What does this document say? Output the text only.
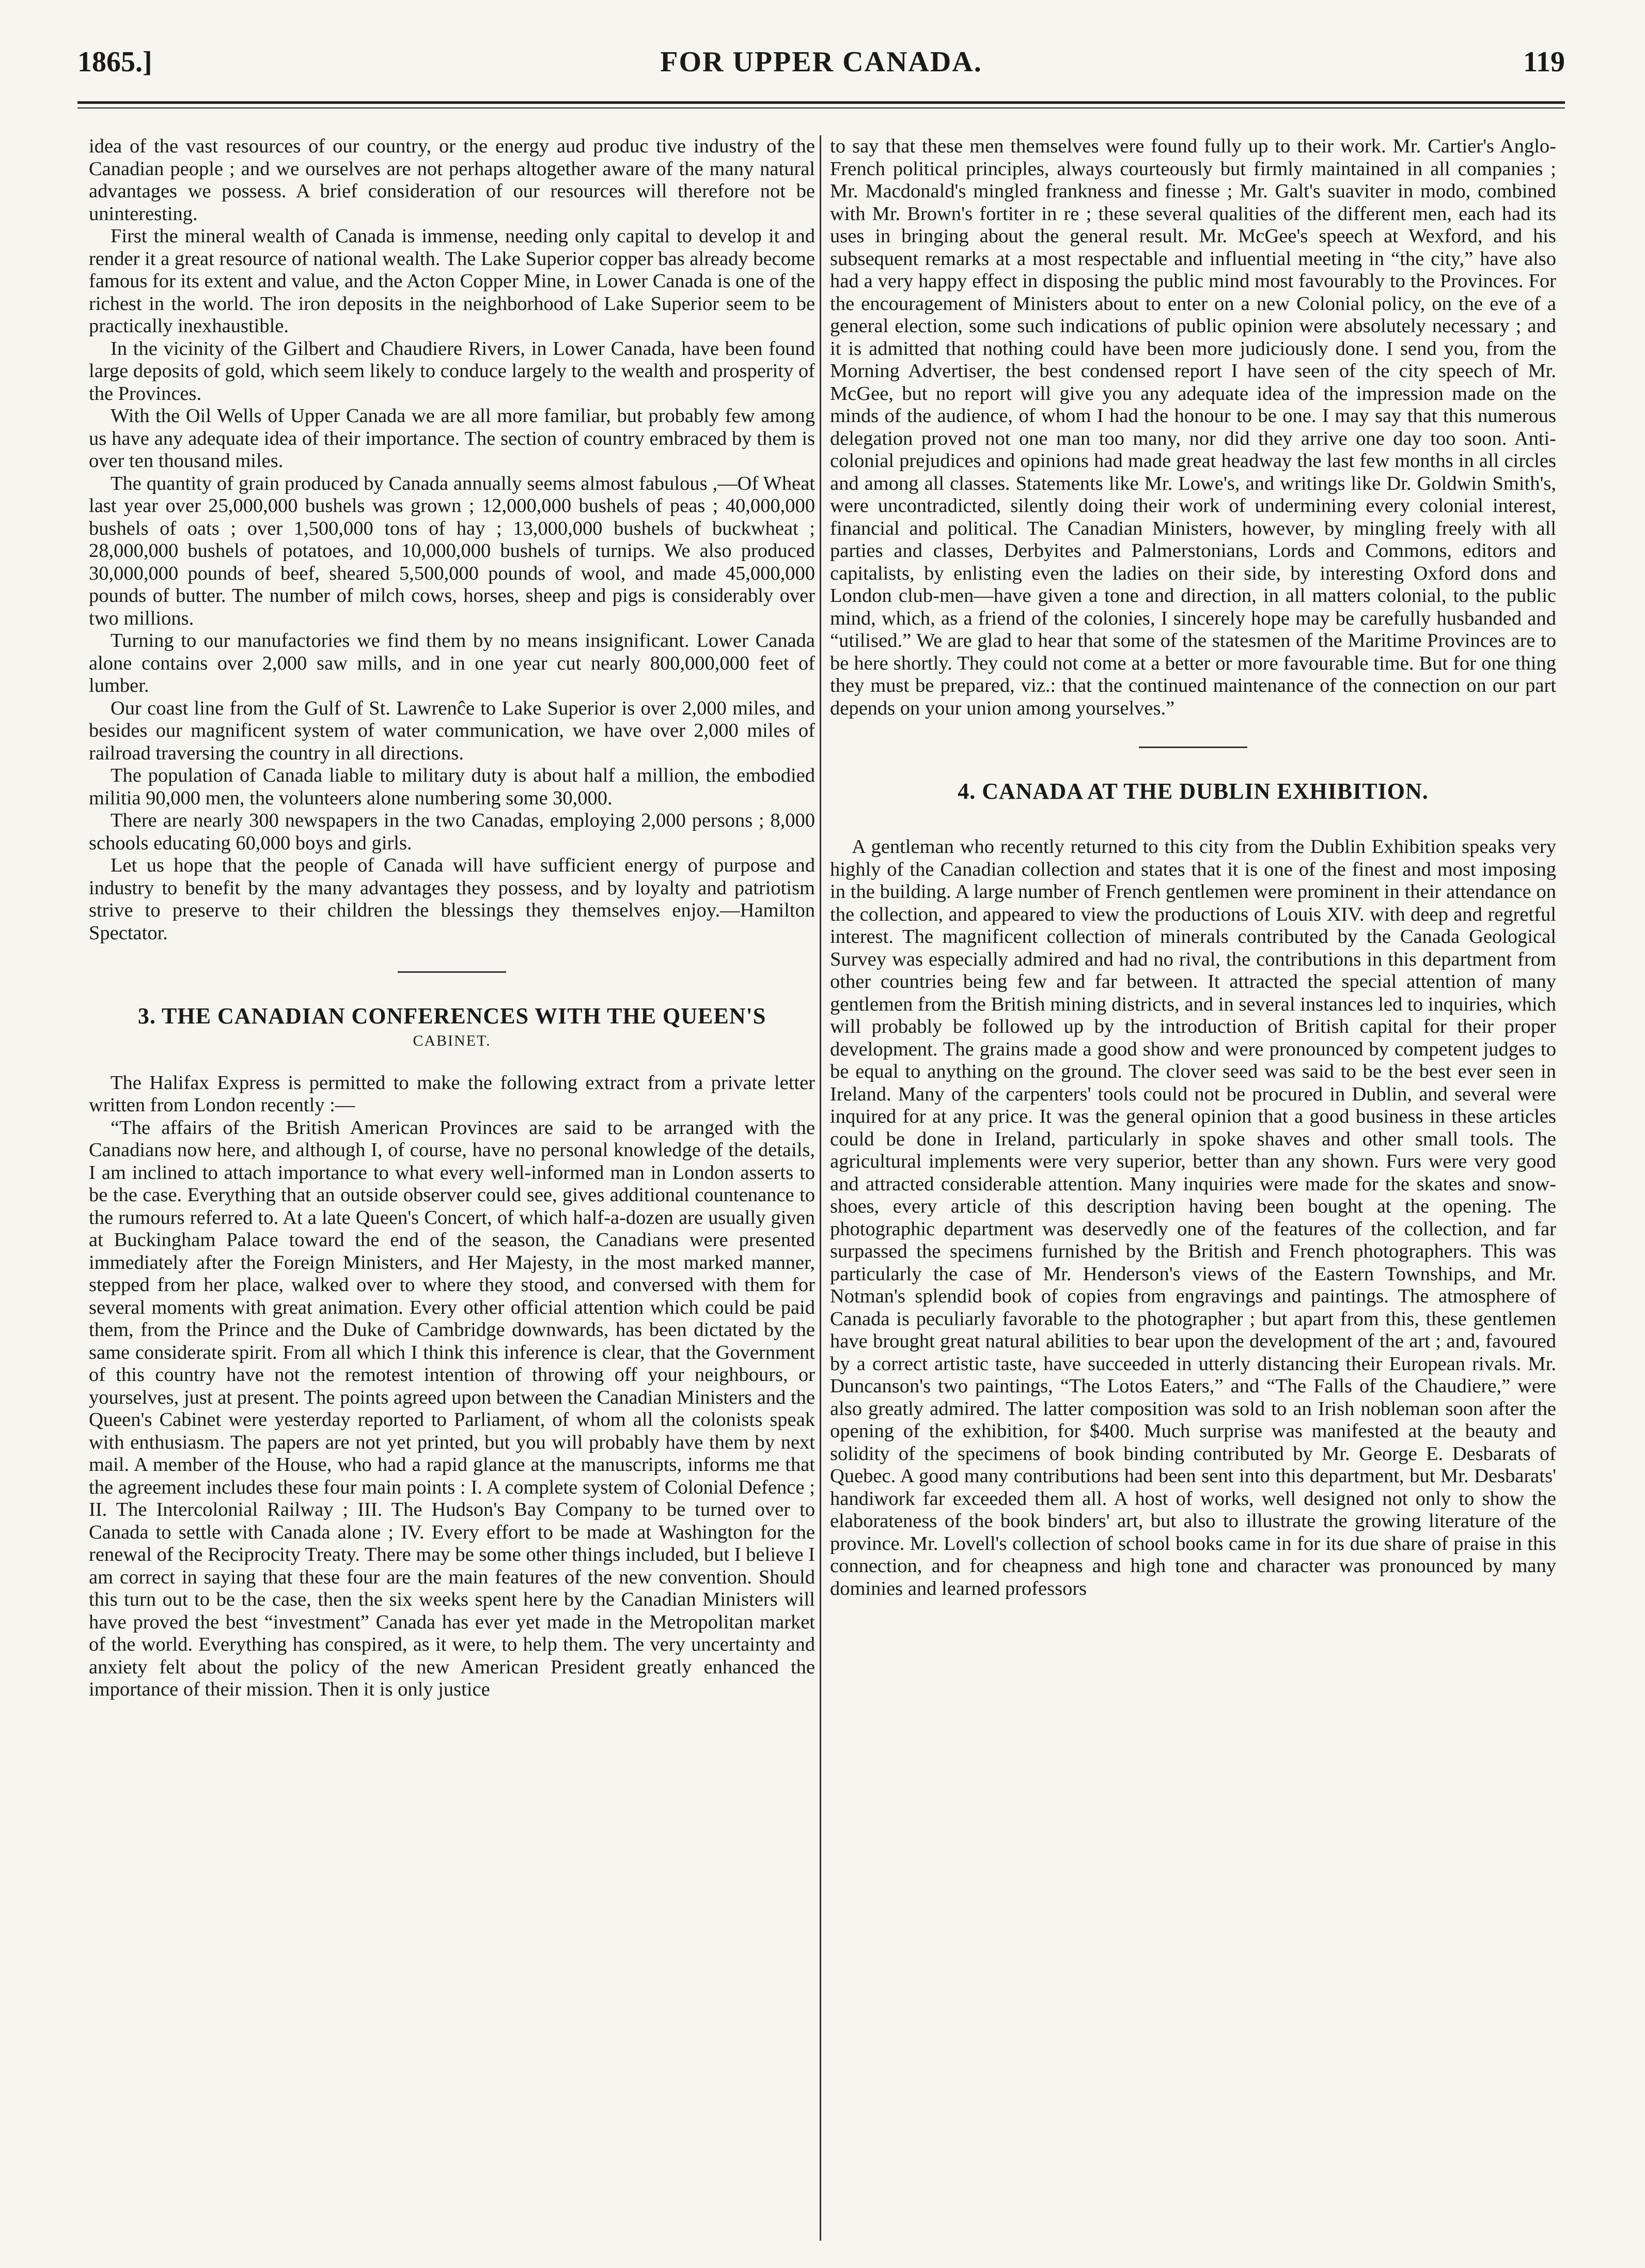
1865.]	FOR UPPER CANADA.	119

idea of the vast resources of our country, or the energy aud produc tive industry of the Canadian people ; and we ourselves are not perhaps altogether aware of the many natural advantages we possess. A brief consideration of our resources will therefore not be uninteresting.

First the mineral wealth of Canada is immense, needing only capital to develop it and render it a great resource of national wealth. The Lake Superior copper bas already become famous for its extent and value, and the Acton Copper Mine, in Lower Canada is one of the richest in the world. The iron deposits in the neighborhood of Lake Superior seem to be practically inexhaustible.

In the vicinity of the Gilbert and Chaudiere Rivers, in Lower Canada, have been found large deposits of gold, which seem likely to conduce largely to the wealth and prosperity of the Provinces.

With the Oil Wells of Upper Canada we are all more familiar, but probably few among us have any adequate idea of their importance. The section of country embraced by them is over ten thousand miles.

The quantity of grain produced by Canada annually seems almost fabulous ,—Of Wheat last year over 25,000,000 bushels was grown ; 12,000,000 bushels of peas ; 40,000,000 bushels of oats ; over 1,500,000 tons of hay ; 13,000,000 bushels of buckwheat ; 28,000,000 bushels of potatoes, and 10,000,000 bushels of turnips. We also produced 30,000,000 pounds of beef, sheared 5,500,000 pounds of wool, and made 45,000,000 pounds of butter. The number of milch cows, horses, sheep and pigs is considerably over two millions.

Turning to our manufactories we find them by no means insignificant. Lower Canada alone contains over 2,000 saw mills, and in one year cut nearly 800,000,000 feet of lumber.

Our coast line from the Gulf of St. Lawrenĉe to Lake Superior is over 2,000 miles, and besides our magnificent system of water communication, we have over 2,000 miles of railroad traversing the country in all directions.

The population of Canada liable to military duty is about half a million, the embodied militia 90,000 men, the volunteers alone numbering some 30,000.

There are nearly 300 newspapers in the two Canadas, employing 2,000 persons ; 8,000 schools educating 60,000 boys and girls.

Let us hope that the people of Canada will have sufficient energy of purpose and industry to benefit by the many advantages they possess, and by loyalty and patriotism strive to preserve to their children the blessings they themselves enjoy.—Hamilton Spectator.

3. THE CANADIAN CONFERENCES WITH THE QUEEN'S
CABINET.

The Halifax Express is permitted to make the following extract from a private letter written from London recently :—

“The affairs of the British American Provinces are said to be arranged with the Canadians now here, and although I, of course, have no personal knowledge of the details, I am inclined to attach importance to what every well-informed man in London asserts to be the case. Everything that an outside observer could see, gives additional countenance to the rumours referred to. At a late Queen's Concert, of which half-a-dozen are usually given at Buckingham Palace toward the end of the season, the Canadians were presented immediately after the Foreign Ministers, and Her Majesty, in the most marked manner, stepped from her place, walked over to where they stood, and conversed with them for several moments with great animation. Every other official attention which could be paid them, from the Prince and the Duke of Cambridge downwards, has been dictated by the same considerate spirit. From all which I think this inference is clear, that the Government of this country have not the remotest intention of throwing off your neighbours, or yourselves, just at present. The points agreed upon between the Canadian Ministers and the Queen's Cabinet were yesterday reported to Parliament, of whom all the colonists speak with enthusiasm. The papers are not yet printed, but you will probably have them by next mail. A member of the House, who had a rapid glance at the manuscripts, informs me that the agreement includes these four main points : I. A complete system of Colonial Defence ; II. The Intercolonial Railway ; III. The Hudson's Bay Company to be turned over to Canada to settle with Canada alone ; IV. Every effort to be made at Washington for the renewal of the Reciprocity Treaty. There may be some other things included, but I believe I am correct in saying that these four are the main features of the new convention. Should this turn out to be the case, then the six weeks spent here by the Canadian Ministers will have proved the best “investment” Canada has ever yet made in the Metropolitan market of the world. Everything has conspired, as it were, to help them. The very uncertainty and anxiety felt about the policy of the new American President greatly enhanced the importance of their mission. Then it is only justice

to say that these men themselves were found fully up to their work. Mr. Cartier's Anglo-French political principles, always courteously but firmly maintained in all companies ; Mr. Macdonald's mingled frankness and finesse ; Mr. Galt's suaviter in modo, combined with Mr. Brown's fortiter in re ; these several qualities of the different men, each had its uses in bringing about the general result. Mr. McGee's speech at Wexford, and his subsequent remarks at a most respectable and influential meeting in “the city,” have also had a very happy effect in disposing the public mind most favourably to the Provinces. For the encouragement of Ministers about to enter on a new Colonial policy, on the eve of a general election, some such indications of public opinion were absolutely necessary ; and it is admitted that nothing could have been more judiciously done. I send you, from the Morning Advertiser, the best condensed report I have seen of the city speech of Mr. McGee, but no report will give you any adequate idea of the impression made on the minds of the audience, of whom I had the honour to be one. I may say that this numerous delegation proved not one man too many, nor did they arrive one day too soon. Anti-colonial prejudices and opinions had made great headway the last few months in all circles and among all classes. Statements like Mr. Lowe's, and writings like Dr. Goldwin Smith's, were uncontradicted, silently doing their work of undermining every colonial interest, financial and political. The Canadian Ministers, however, by mingling freely with all parties and classes, Derbyites and Palmerstonians, Lords and Commons, editors and capitalists, by enlisting even the ladies on their side, by interesting Oxford dons and London club-men—have given a tone and direction, in all matters colonial, to the public mind, which, as a friend of the colonies, I sincerely hope may be carefully husbanded and “utilised.” We are glad to hear that some of the statesmen of the Maritime Provinces are to be here shortly. They could not come at a better or more favourable time. But for one thing they must be prepared, viz.: that the continued maintenance of the connection on our part depends on your union among yourselves.”

4. CANADA AT THE DUBLIN EXHIBITION.

A gentleman who recently returned to this city from the Dublin Exhibition speaks very highly of the Canadian collection and states that it is one of the finest and most imposing in the building. A large number of French gentlemen were prominent in their attendance on the collection, and appeared to view the productions of Louis XIV. with deep and regretful interest. The magnificent collection of minerals contributed by the Canada Geological Survey was especially admired and had no rival, the contributions in this department from other countries being few and far between. It attracted the special attention of many gentlemen from the British mining districts, and in several instances led to inquiries, which will probably be followed up by the introduction of British capital for their proper development. The grains made a good show and were pronounced by competent judges to be equal to anything on the ground. The clover seed was said to be the best ever seen in Ireland. Many of the carpenters' tools could not be procured in Dublin, and several were inquired for at any price. It was the general opinion that a good business in these articles could be done in Ireland, particularly in spoke shaves and other small tools. The agricultural implements were very superior, better than any shown. Furs were very good and attracted considerable attention. Many inquiries were made for the skates and snow-shoes, every article of this description having been bought at the opening. The photographic department was deservedly one of the features of the collection, and far surpassed the specimens furnished by the British and French photographers. This was particularly the case of Mr. Henderson's views of the Eastern Townships, and Mr. Notman's splendid book of copies from engravings and paintings. The atmosphere of Canada is peculiarly favorable to the photographer ; but apart from this, these gentlemen have brought great natural abilities to bear upon the development of the art ; and, favoured by a correct artistic taste, have succeeded in utterly distancing their European rivals. Mr. Duncanson's two paintings, “The Lotos Eaters,” and “The Falls of the Chaudiere,” were also greatly admired. The latter composition was sold to an Irish nobleman soon after the opening of the exhibition, for $400. Much surprise was manifested at the beauty and solidity of the specimens of book binding contributed by Mr. George E. Desbarats of Quebec. A good many contributions had been sent into this department, but Mr. Desbarats' handiwork far exceeded them all. A host of works, well designed not only to show the elaborateness of the book binders' art, but also to illustrate the growing literature of the province. Mr. Lovell's collection of school books came in for its due share of praise in this connection, and for cheapness and high tone and character was pronounced by many dominies and learned professors
